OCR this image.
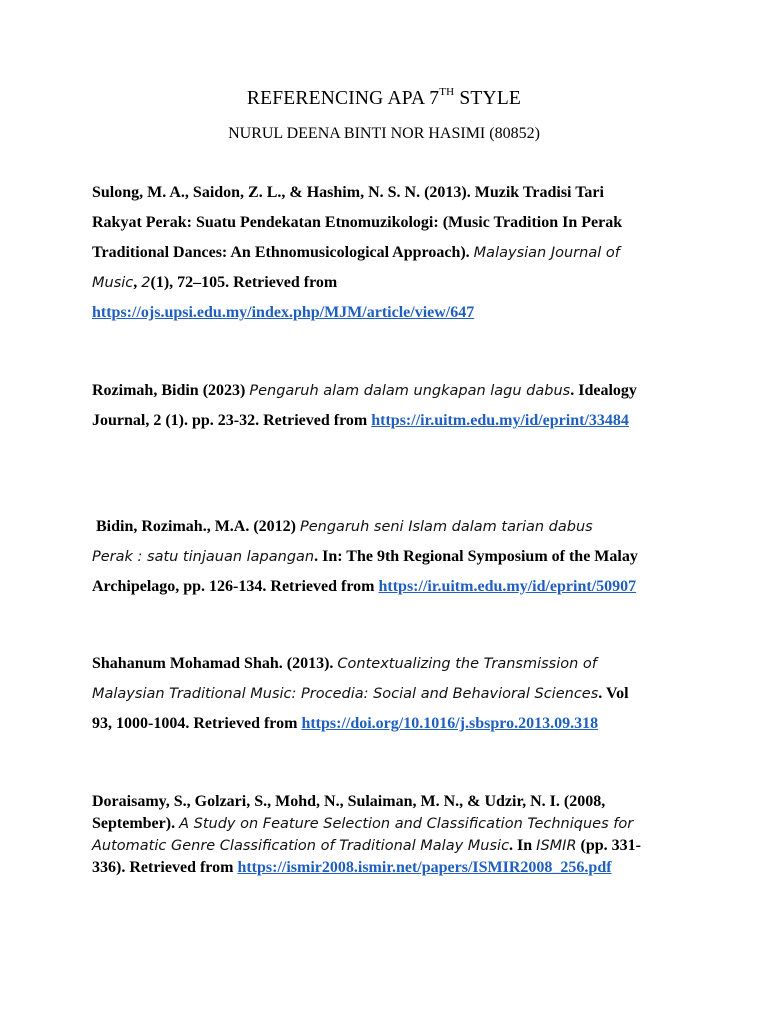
REFERENCING APA 7TH STYLE
NURUL DEENA BINTI NOR HASIMI (80852)
Sulong, M. A., Saidon, Z. L., & Hashim, N. S. N. (2013). Muzik Tradisi Tari
Rakyat Perak: Suatu Pendekatan Etnomuzikologi: (Music Tradition In Perak
Traditional Dances: An Ethnomusicological Approach). Malaysian Journal of
Music, 2(1), 72–105. Retrieved from
https://ojs.upsi.edu.my/index.php/MJM/article/view/647
Rozimah, Bidin (2023) Pengaruh alam dalam ungkapan lagu dabus. Idealogy
Journal, 2 (1). pp. 23-32. Retrieved from https://ir.uitm.edu.my/id/eprint/33484
Bidin, Rozimah., M.A. (2012) Pengaruh seni Islam dalam tarian dabus
Perak : satu tinjauan lapangan. In: The 9th Regional Symposium of the Malay
Archipelago, pp. 126-134. Retrieved from https://ir.uitm.edu.my/id/eprint/50907
Shahanum Mohamad Shah. (2013). Contextualizing the Transmission of
Malaysian Traditional Music: Procedia: Social and Behavioral Sciences. Vol
93, 1000-1004. Retrieved from https://doi.org/10.1016/j.sbspro.2013.09.318
Doraisamy, S., Golzari, S., Mohd, N., Sulaiman, M. N., & Udzir, N. I. (2008,
September). A Study on Feature Selection and Classification Techniques for
Automatic Genre Classification of Traditional Malay Music. In ISMIR (pp. 331-
336). Retrieved from https://ismir2008.ismir.net/papers/ISMIR2008_256.pdf
